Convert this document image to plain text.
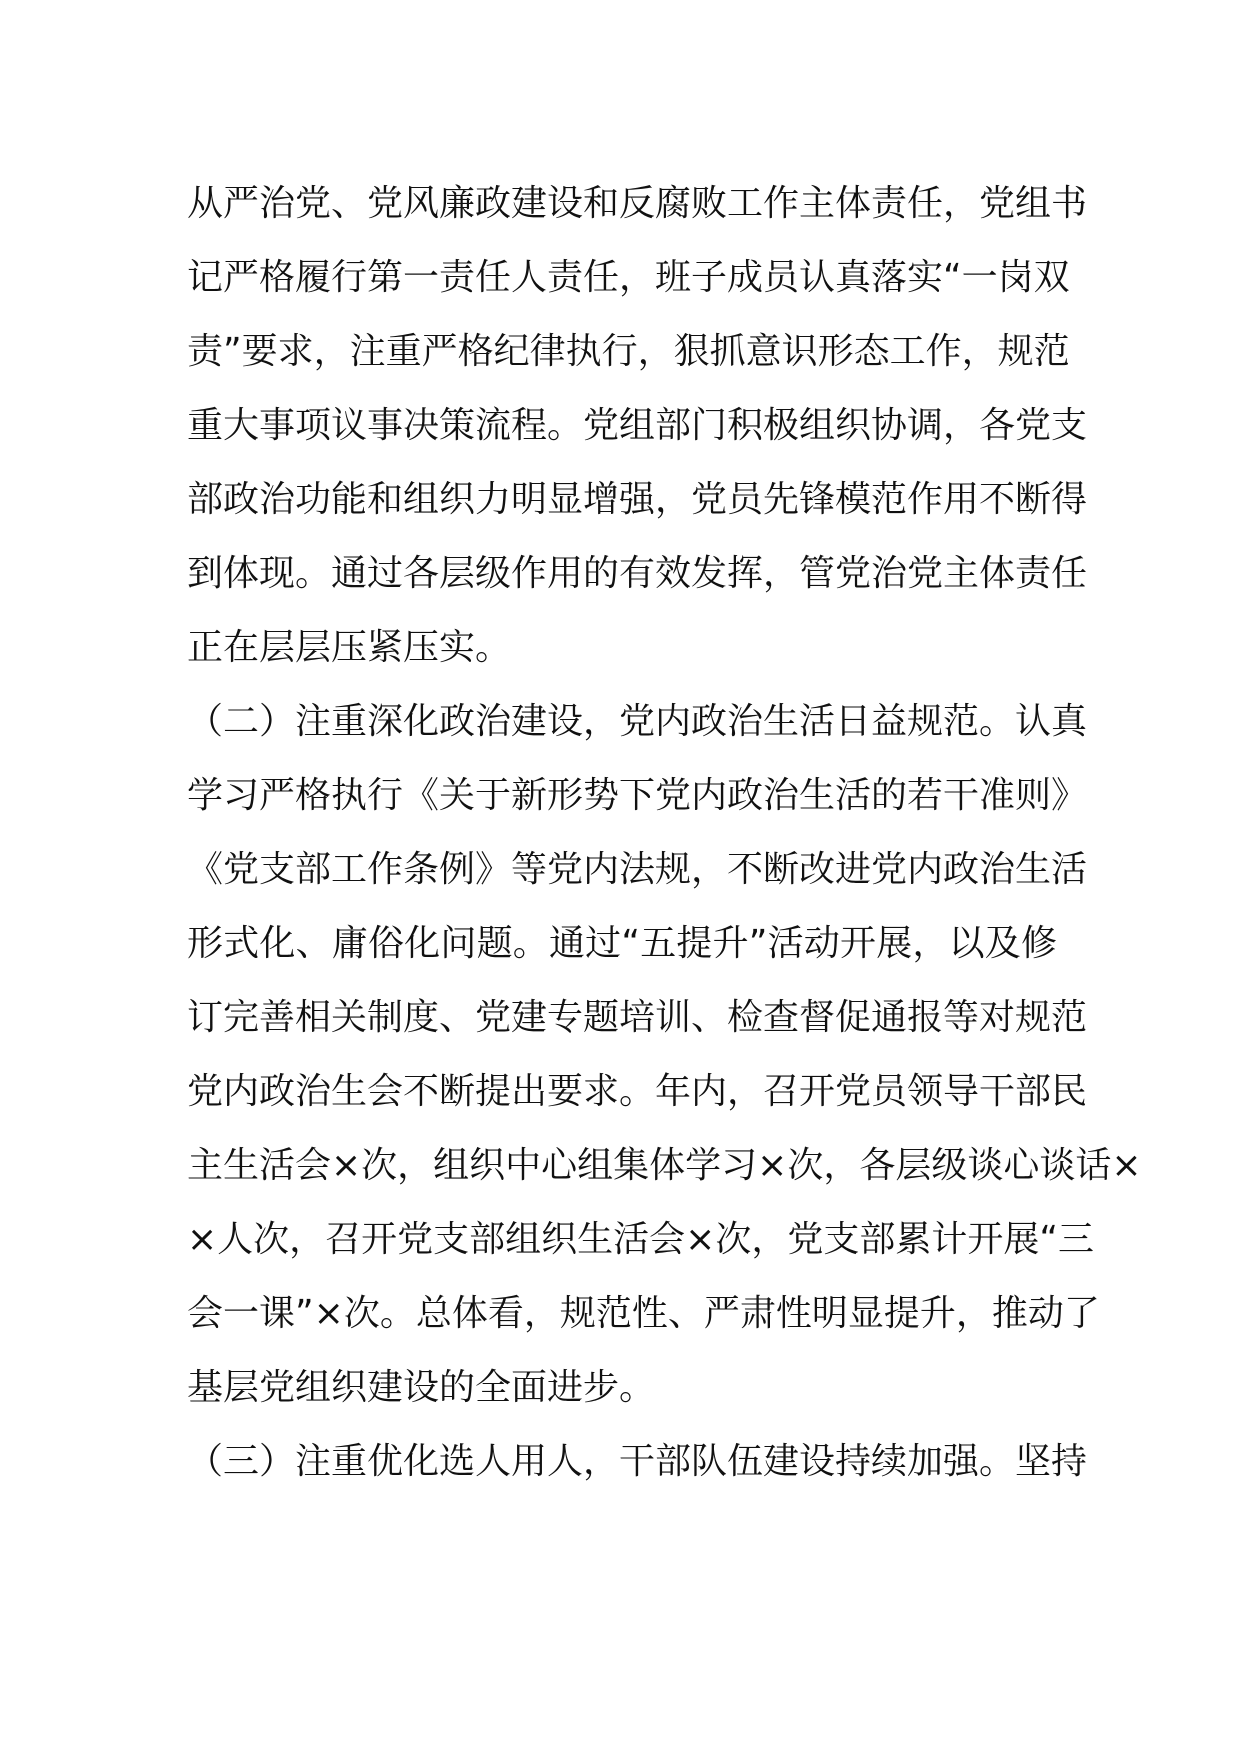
从严治党、党风廉政建设和反腐败工作主体责任，党组书
记严格履行第一责任人责任，班子成员认真落实“一岗双
责”要求，注重严格纪律执行，狠抓意识形态工作，规范
重大事项议事决策流程。党组部门积极组织协调，各党支
部政治功能和组织力明显增强，党员先锋模范作用不断得
到体现。通过各层级作用的有效发挥，管党治党主体责任
正在层层压紧压实。
（二）注重深化政治建设，党内政治生活日益规范。认真
学习严格执行《关于新形势下党内政治生活的若干准则》
《党支部工作条例》等党内法规，不断改进党内政治生活
形式化、庸俗化问题。通过“五提升”活动开展，以及修
订完善相关制度、党建专题培训、检查督促通报等对规范
党内政治生会不断提出要求。年内，召开党员领导干部民
主生活会×次，组织中心组集体学习×次，各层级谈心谈话×
×人次，召开党支部组织生活会×次，党支部累计开展“三
会一课”×次。总体看，规范性、严肃性明显提升，推动了
基层党组织建设的全面进步。
（三）注重优化选人用人，干部队伍建设持续加强。坚持
